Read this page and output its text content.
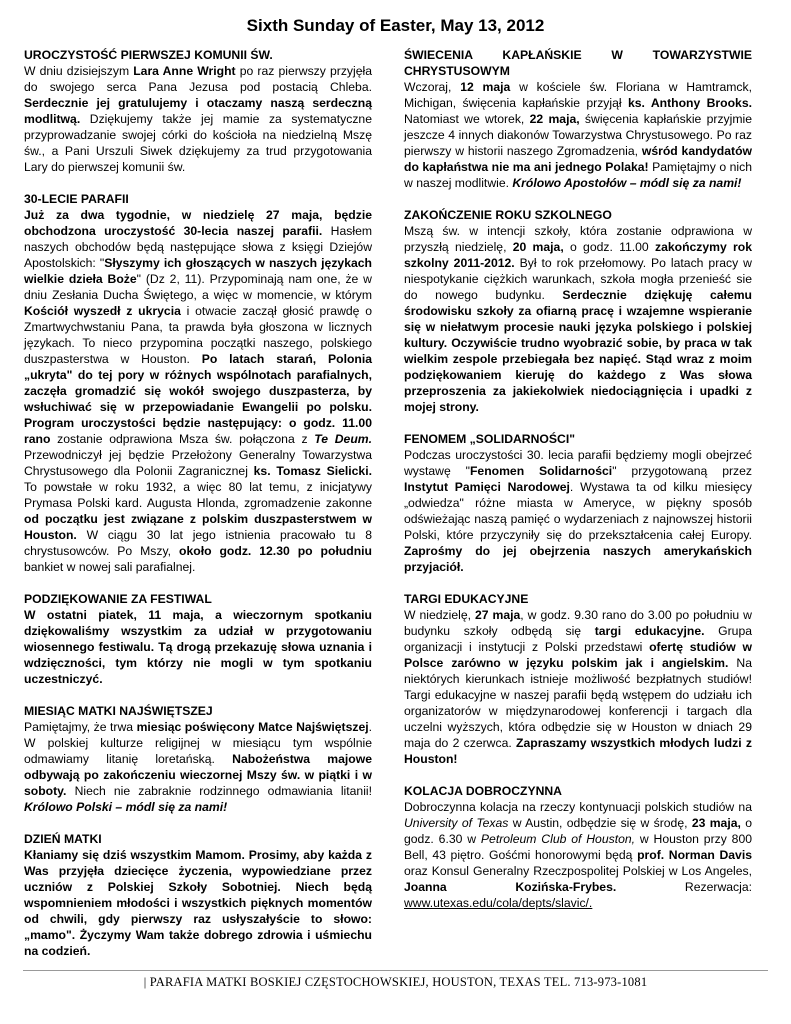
Sixth Sunday of Easter, May 13, 2012
UROCZYSTOŚĆ PIERWSZEJ KOMUNII ŚW.

W dniu dzisiejszym Lara Anne Wright po raz pierwszy przyjęła do swojego serca Pana Jezusa pod postacią Chleba. Serdecznie jej gratulujemy i otaczamy naszą serdeczną modlitwą. Dziękujemy także jej mamie za systematyczne przyprowadzanie swojej córki do kościoła na niedzielną Mszę św., a Pani Urszuli Siwek dziękujemy za trud przygotowania Lary do pierwszej komunii św.

30-LECIE PARAFII

Już za dwa tygodnie, w niedzielę 27 maja, będzie obchodzona uroczystość 30-lecia naszej parafii. Hasłem naszych obchodów będą następujące słowa z księgi Dziejów Apostolskich: "Słyszymy ich głoszących w naszych językach wielkie dzieła Boże" (Dz 2, 11). Przypominają nam one, że w dniu Zesłania Ducha Świętego, a więc w momencie, w którym Kościół wyszedł z ukrycia i otwacie zaczął głosić prawdę o Zmartwychwstaniu Pana, ta prawda była głoszona w licznych językach. To nieco przypomina początki naszego, polskiego duszpasterstwa w Houston. Po latach starań, Polonia „ukryta" do tej pory w różnych wspólnotach parafialnych, zaczęła gromadzić się wokół swojego duszpasterza, by wsłuchiwać się w przepowiadanie Ewangelii po polsku. Program uroczystości będzie następujący: o godz. 11.00 rano zostanie odprawiona Msza św. połączona z Te Deum. Przewodniczył jej będzie Przełożony Generalny Towarzystwa Chrystusowego dla Polonii Zagranicznej ks. Tomasz Sielicki. To powstałe w roku 1932, a więc 80 lat temu, z inicjatywy Prymasa Polski kard. Augusta Hlonda, zgromadzenie zakonne od początku jest związane z polskim duszpasterstwem w Houston. W ciągu 30 lat jego istnienia pracowało tu 8 chrystusowców. Po Mszy, około godz. 12.30 po południu bankiet w nowej sali parafialnej.

PODZIĘKOWANIE ZA FESTIWAL

W ostatni piatek, 11 maja, a wieczornym spotkaniu dziękowaliśmy wszystkim za udział w przygotowaniu wiosennego festiwalu. Tą drogą przekazuję słowa uznania i wdzięczności, tym którzy nie mogli w tym spotkaniu uczestniczyć.

MIESIĄC MATKI NAJŚWIĘTSZEJ

Pamiętajmy, że trwa miesiąc poświęcony Matce Najświętszej. W polskiej kulturze religijnej w miesiącu tym wspólnie odmawiamy litanię loretańską. Nabożeństwa majowe odbywają po zakończeniu wieczornej Mszy św. w piątki i w soboty. Niech nie zabraknie rodzinnego odmawiania litanii! Królowo Polski – módl się za nami!

DZIEŃ MATKI

Kłaniamy się dziś wszystkim Mamom. Prosimy, aby każda z Was przyjęła dziecięce życzenia, wypowiedziane przez uczniów z Polskiej Szkoły Sobotniej. Niech będą wspomnieniem młodości i wszystkich pięknych momentów od chwili, gdy pierwszy raz usłyszałyście to słowo: „mamo". Życzymy Wam także dobrego zdrowia i uśmiechu na codzień.

ŚWIECENIA KAPŁAŃSKIE W TOWARZYSTWIE CHRYSTUSOWYM

Wczoraj, 12 maja w kościele św. Floriana w Hamtramck, Michigan, święcenia kapłańskie przyjął ks. Anthony Brooks. Natomiast we wtorek, 22 maja, święcenia kapłańskie przyjmie jeszcze 4 innych diakonów Towarzystwa Chrystusowego. Po raz pierwszy w historii naszego Zgromadzenia, wśród kandydatów do kapłaństwa nie ma ani jednego Polaka! Pamiętajmy o nich w naszej modlitwie. Królowo Apostołów – módl się za nami!

ZAKOŃCZENIE ROKU SZKOLNEGO

Mszą św. w intencji szkoły, która zostanie odprawiona w przyszłą niedzielę, 20 maja, o godz. 11.00 zakończymy rok szkolny 2011-2012. Był to rok przełomowy. Po latach pracy w niespotykanie ciężkich warunkach, szkoła mogła przenieść sie do nowego budynku. Serdecznie dziękuję całemu środowisku szkoły za ofiarną pracę i wzajemne wspieranie się w niełatwym procesie nauki języka polskiego i polskiej kultury. Oczywiście trudno wyobrazić sobie, by praca w tak wielkim zespole przebiegała bez napięć. Stąd wraz z moim podziękowaniem kieruję do każdego z Was słowa przeproszenia za jakiekolwiek niedociągnięcia i upadki z mojej strony.

FENOMEM „SOLIDARNOŚCI"

Podczas uroczystości 30. lecia parafii będziemy mogli obejrzeć wystawę "Fenomen Solidarności" przygotowaną przez Instytut Pamięci Narodowej. Wystawa ta od kilku miesięcy „odwiedza" różne miasta w Ameryce, w piękny sposób odświeżając naszą pamięć o wydarzeniach z najnowszej historii Polski, które przyczyniły się do przekształcenia całej Europy. Zaprośmy do jej obejrzenia naszych amerykańskich przyjaciół.

TARGI EDUKACYJNE

W niedzielę, 27 maja, w godz. 9.30 rano do 3.00 po południu w budynku szkoły odbędą się targi edukacyjne. Grupa organizacji i instytucji z Polski przedstawi ofertę studiów w Polsce zarówno w języku polskim jak i angielskim. Na niektórych kierunkach istnieje możliwość bezpłatnych studiów! Targi edukacyjne w naszej parafii będą wstępem do udziału ich organizatorów w międzynarodowej konferencji i targach dla uczelni wyższych, która odbędzie się w Houston w dniach 29 maja do 2 czerwca. Zapraszamy wszystkich młodych ludzi z Houston!

KOLACJA DOBROCZYNNA

Dobroczynna kolacja na rzeczy kontynuacji polskich studiów na University of Texas w Austin, odbędzie się w środę, 23 maja, o godz. 6.30 w Petroleum Club of Houston, w Houston przy 800 Bell, 43 piętro. Gośćmi honorowymi będą prof. Norman Davis oraz Konsul Generalny Rzeczpospolitej Polskiej w Los Angeles, Joanna Kozińska-Frybes. Rezerwacja: www.utexas.edu/cola/depts/slavic/.

| PARAFIA MATKI BOSKIEJ CZĘSTOCHOWSKIEJ, HOUSTON, TEXAS TEL. 713-973-1081
